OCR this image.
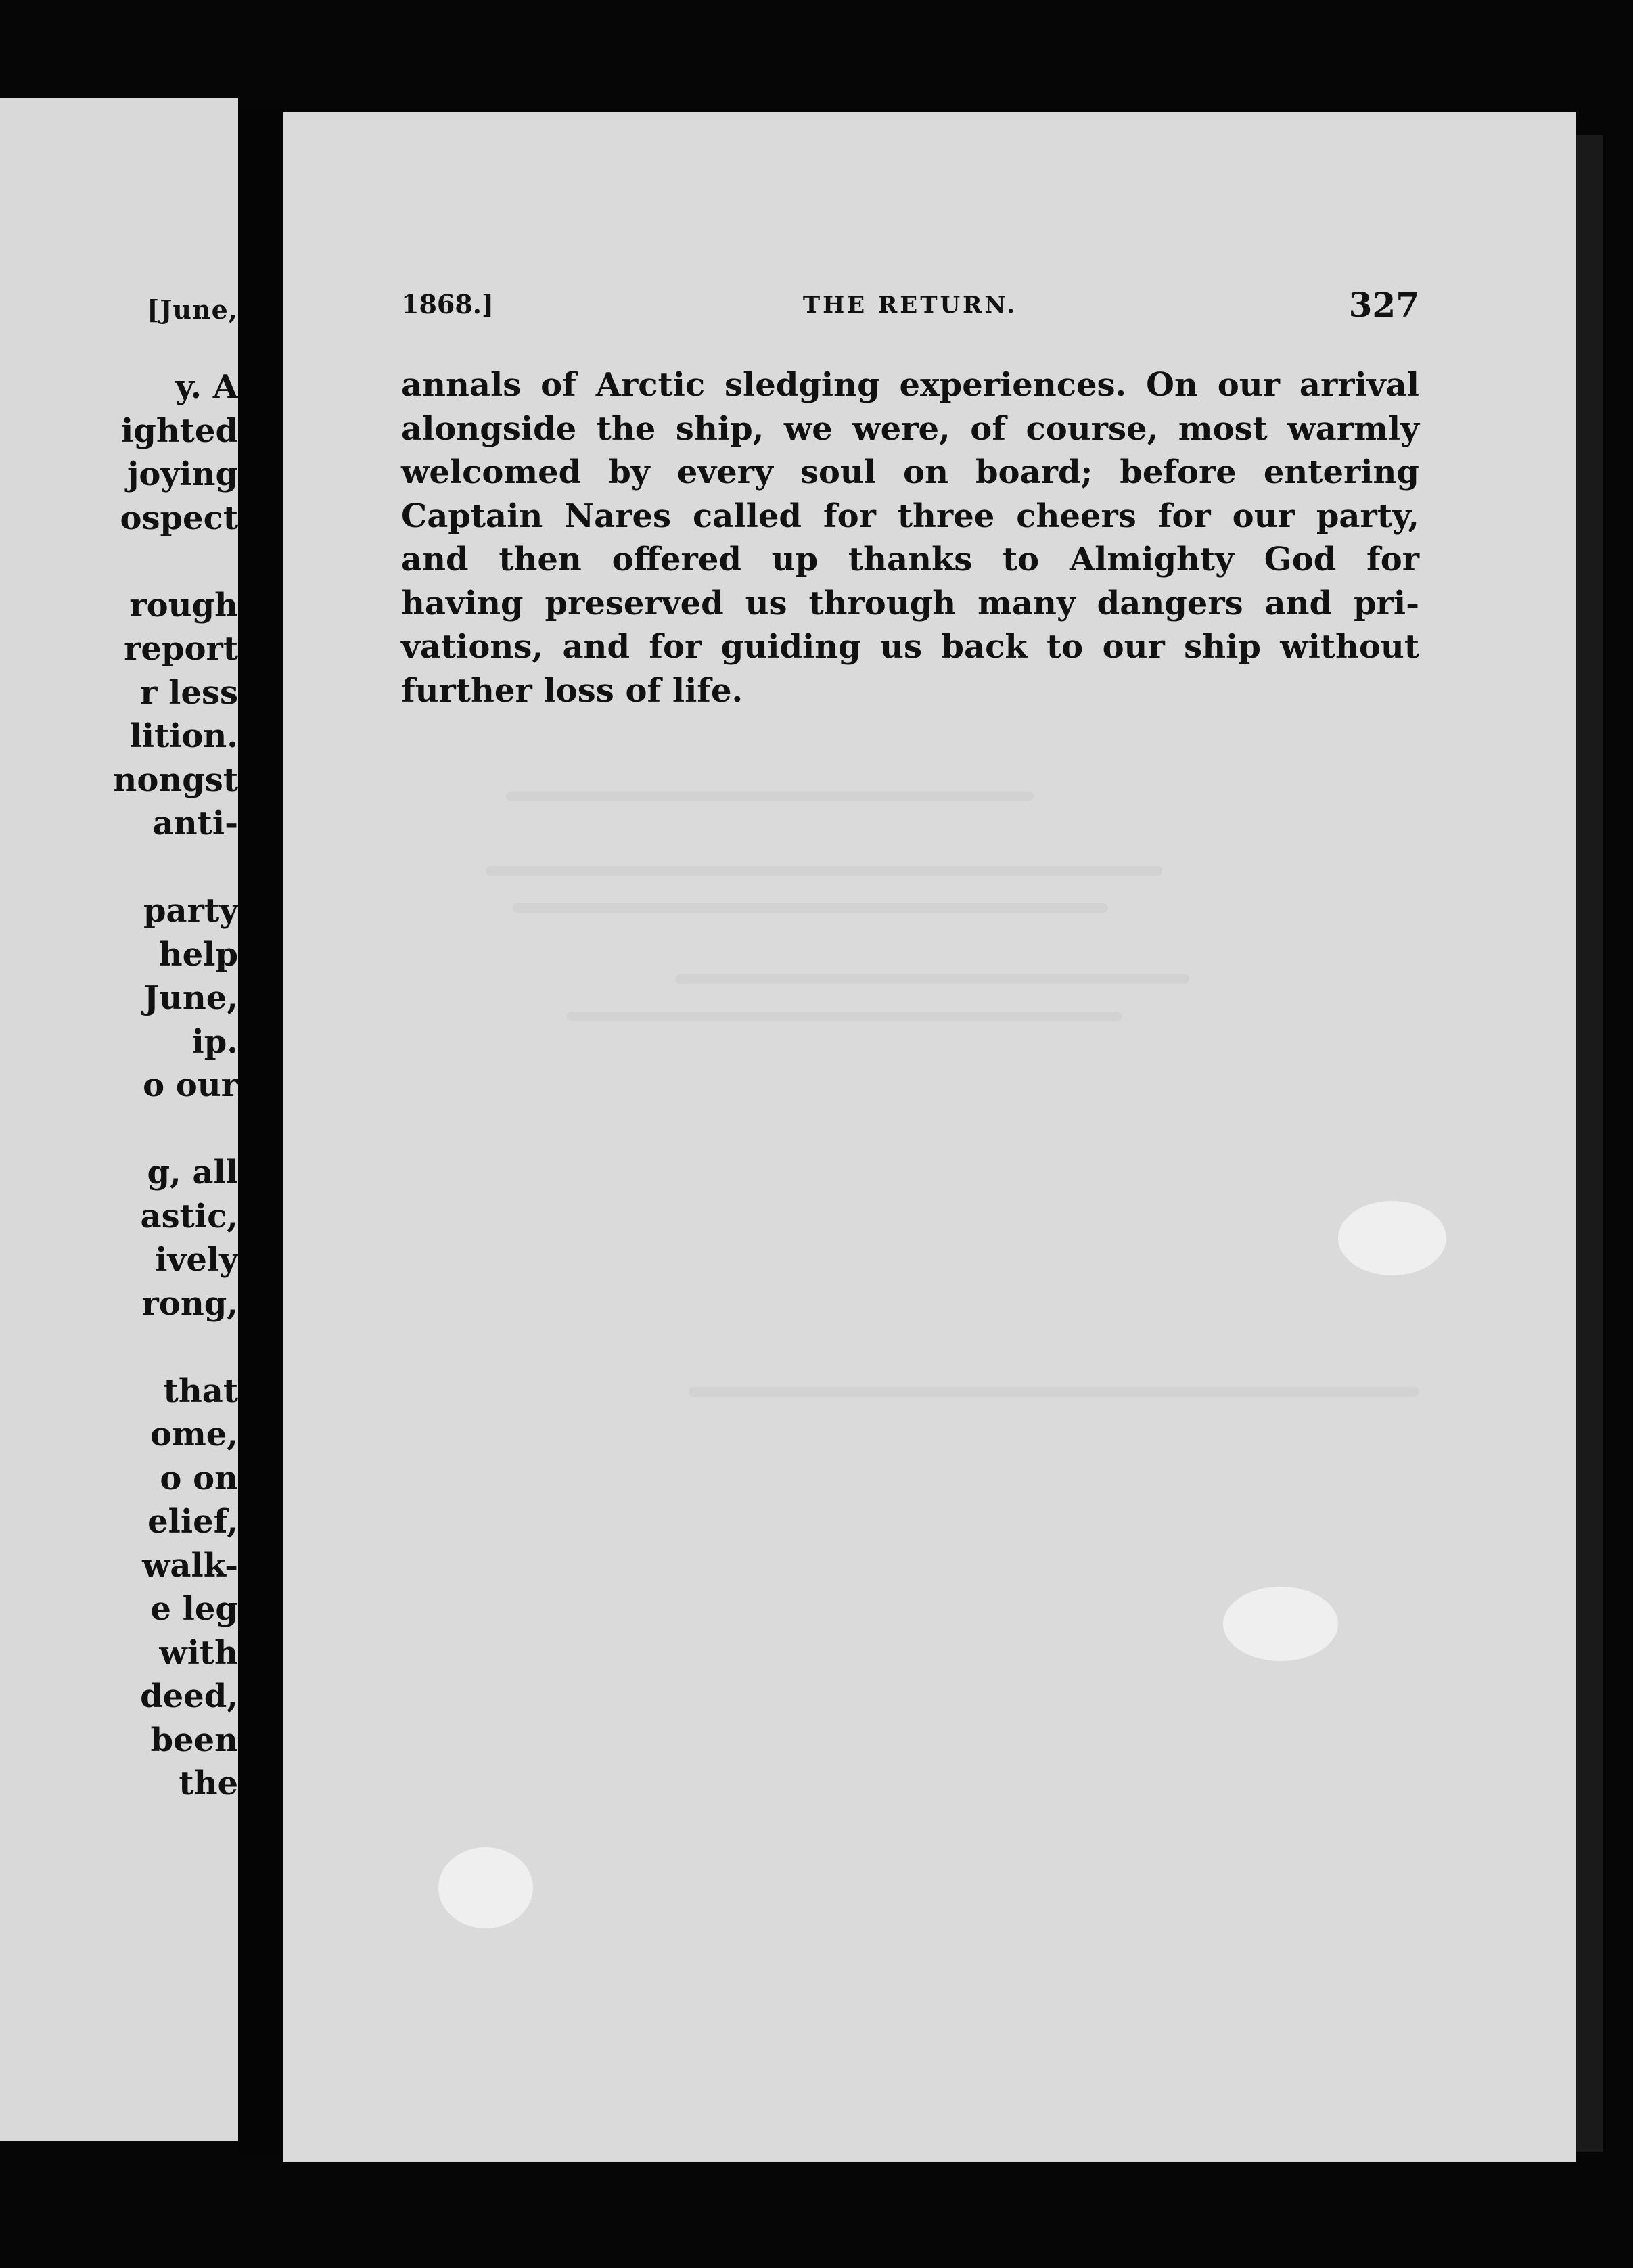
[June,
y. A
ighted
joying
ospect
rough
report
r less
lition.
nongst
anti-
party
help
June,
ip.
o our
g, all
astic,
ively
rong,
that
ome,
o on
elief,
walk-
e leg
with
deed,
been
the
1868.]	THE RETURN.	327
annals of Arctic sledging experiences. On our arrival
alongside the ship, we were, of course, most warmly
welcomed by every soul on board; before entering
Captain Nares called for three cheers for our party,
and then offered up thanks to Almighty God for
having preserved us through many dangers and pri-
vations, and for guiding us back to our ship without
further loss of life.
